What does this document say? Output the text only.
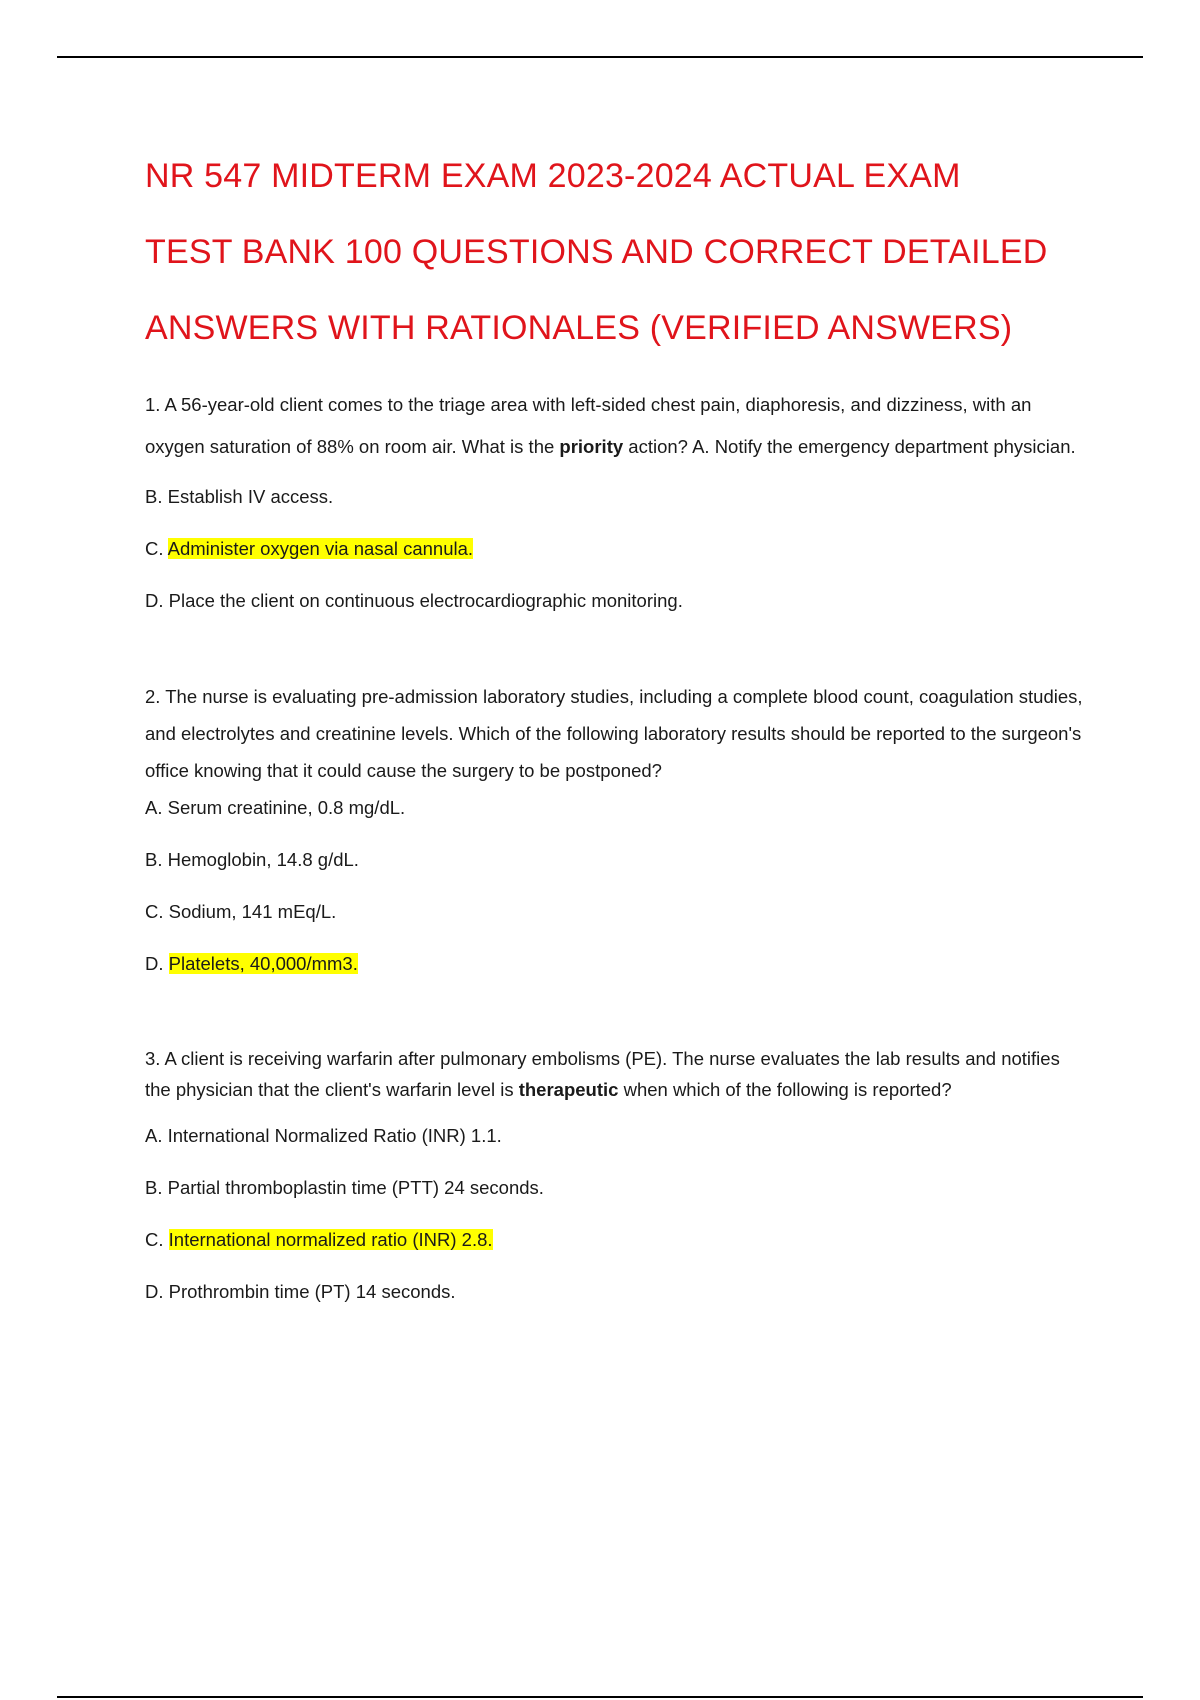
NR 547 MIDTERM EXAM 2023-2024 ACTUAL EXAM

TEST BANK 100 QUESTIONS AND CORRECT DETAILED

ANSWERS WITH RATIONALES (VERIFIED ANSWERS)

1. A 56-year-old client comes to the triage area with left-sided chest pain, diaphoresis, and dizziness, with an oxygen saturation of 88% on room air. What is the priority action? A. Notify the emergency department physician.

B. Establish IV access.

C. Administer oxygen via nasal cannula.

D. Place the client on continuous electrocardiographic monitoring.

2. The nurse is evaluating pre-admission laboratory studies, including a complete blood count, coagulation studies, and electrolytes and creatinine levels. Which of the following laboratory results should be reported to the surgeon's office knowing that it could cause the surgery to be postponed?

A. Serum creatinine, 0.8 mg/dL.

B. Hemoglobin, 14.8 g/dL.

C. Sodium, 141 mEq/L.

D. Platelets, 40,000/mm3.

3. A client is receiving warfarin after pulmonary embolisms (PE). The nurse evaluates the lab results and notifies the physician that the client's warfarin level is therapeutic when which of the following is reported?

A. International Normalized Ratio (INR) 1.1.

B. Partial thromboplastin time (PTT) 24 seconds.

C. International normalized ratio (INR) 2.8.

D. Prothrombin time (PT) 14 seconds.
